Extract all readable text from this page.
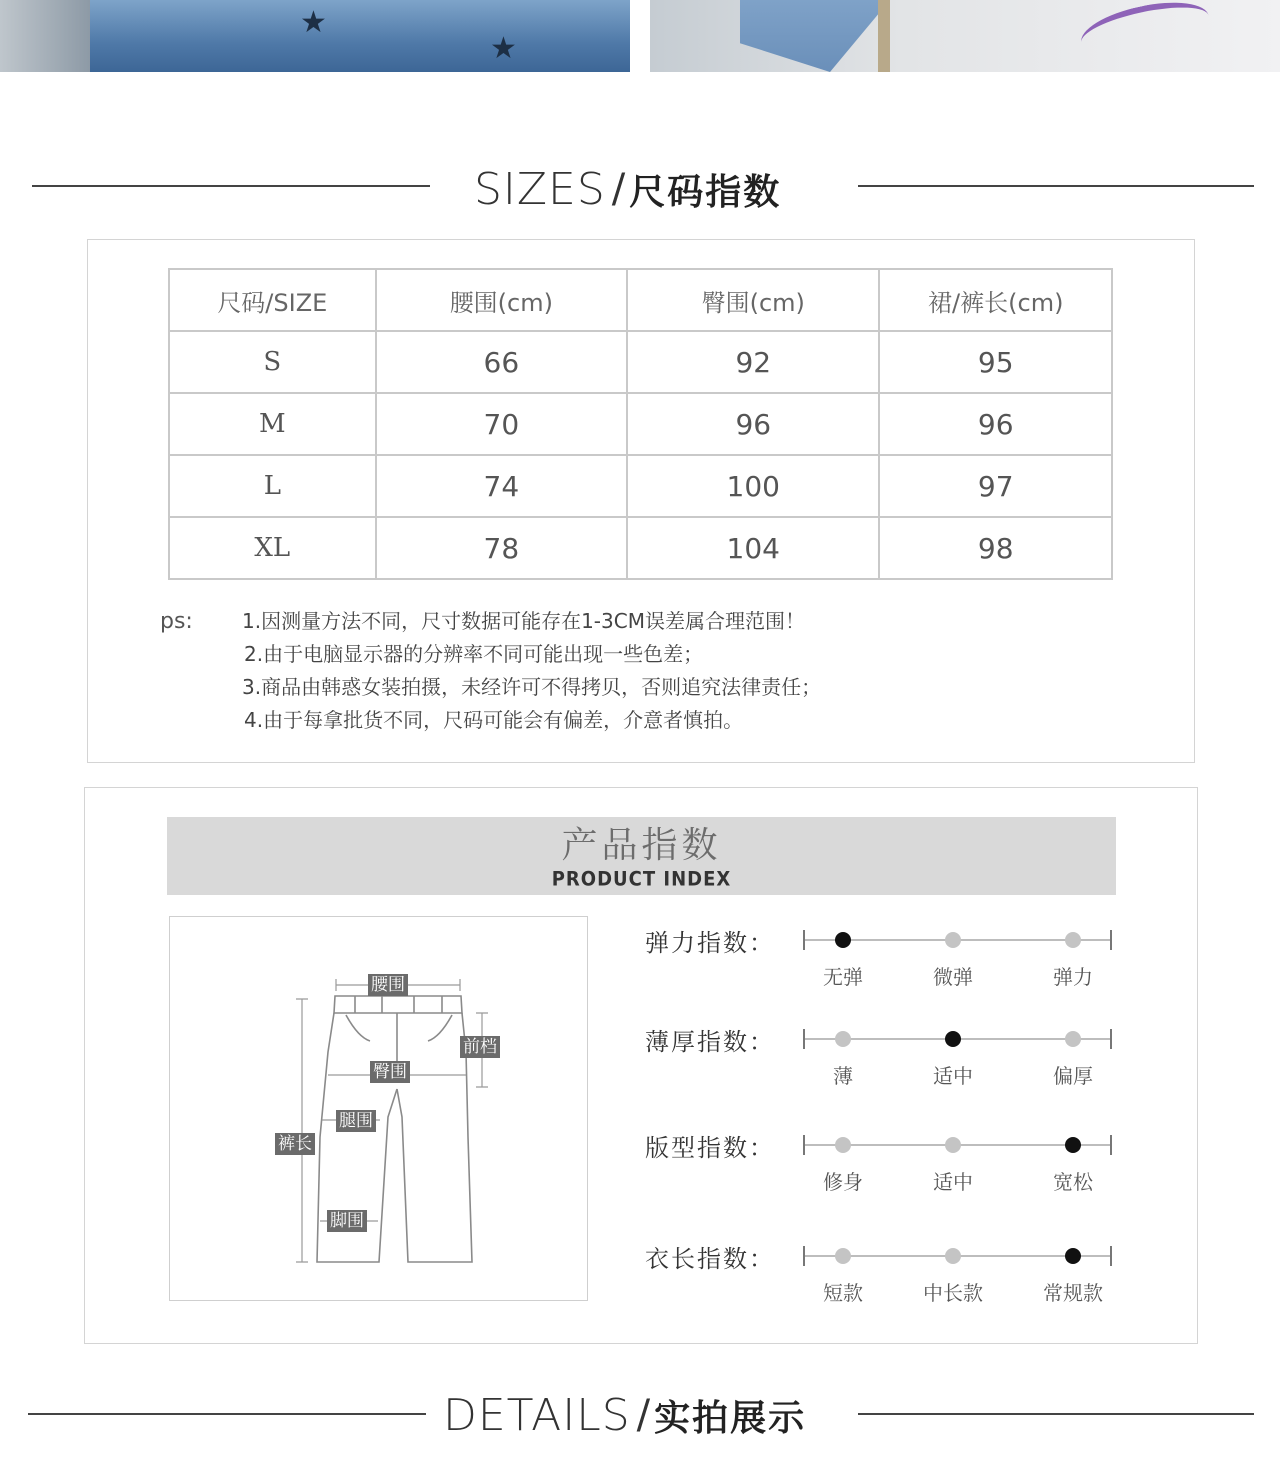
★
★
SIZES / 尺码指数
尺码/SIZE	腰围(cm)	臀围(cm)	裙/裤长(cm)
S	66	92	95
M	70	96	96
L	74	100	97
XL	78	104	98
ps: 1.因测量方法不同，尺寸数据可能存在1-3CM误差属合理范围！
2.由于电脑显示器的分辨率不同可能出现一些色差；
3.商品由韩惑女装拍摄，未经许可不得拷贝，否则追究法律责任；
4.由于每拿批货不同，尺码可能会有偏差，介意者慎拍。
产品指数
PRODUCT INDEX
腰围
前档
臀围
腿围
裤长
脚围
弹力指数：
无弹	微弹	弹力
薄厚指数：
薄	适中	偏厚
版型指数：
修身	适中	宽松
衣长指数：
短款	中长款	常规款
DETAILS / 实拍展示
